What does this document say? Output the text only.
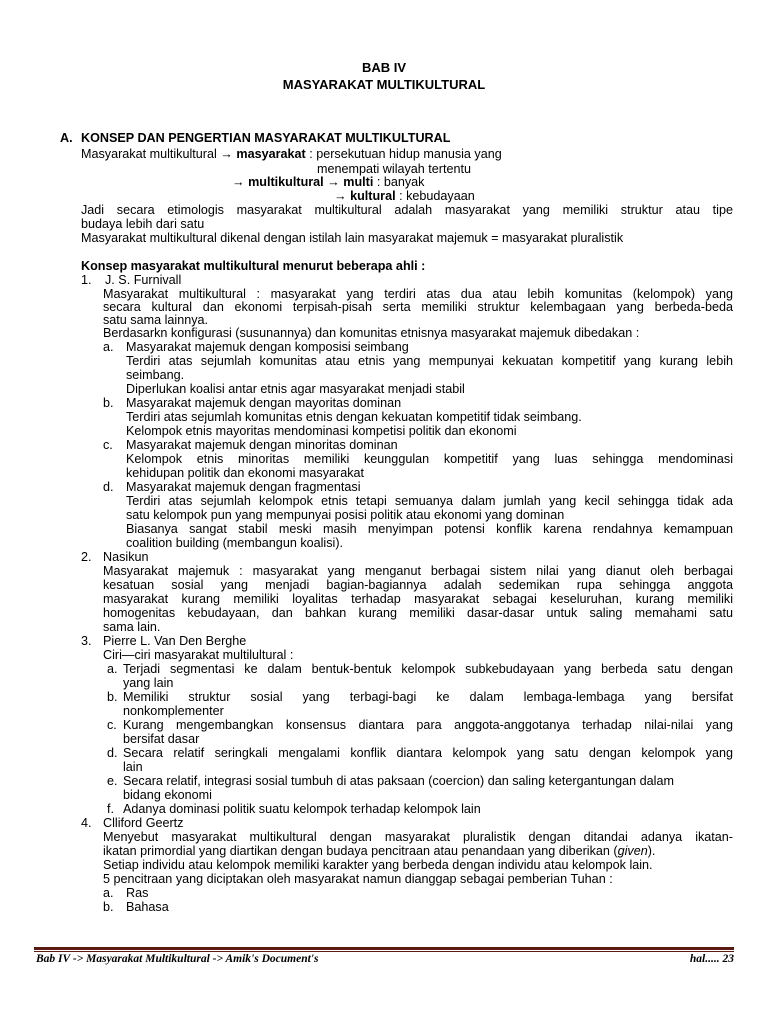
BAB IV
MASYARAKAT MULTIKULTURAL
A. KONSEP DAN PENGERTIAN MASYARAKAT MULTIKULTURAL
Masyarakat multikultural → masyarakat : persekutuan hidup manusia yang
menempati wilayah tertentu
→ multikultural → multi : banyak
→ kultural : kebudayaan
Jadi secara etimologis masyarakat multikultural adalah masyarakat yang memiliki struktur atau tipe
budaya lebih dari satu
Masyarakat multikultural dikenal dengan istilah lain masyarakat majemuk = masyarakat pluralistik
Konsep masyarakat multikultural menurut beberapa ahli :
1. J. S. Furnivall
Masyarakat multikultural : masyarakat yang terdiri atas dua atau lebih komunitas (kelompok) yang
secara kultural dan ekonomi terpisah-pisah serta memiliki struktur kelembagaan yang berbeda-beda
satu sama lainnya.
Berdasarkn konfigurasi (susunannya) dan komunitas etnisnya masyarakat majemuk dibedakan :
a. Masyarakat majemuk dengan komposisi seimbang
Terdiri atas sejumlah komunitas atau etnis yang mempunyai kekuatan kompetitif yang kurang lebih
seimbang.
Diperlukan koalisi antar etnis agar masyarakat menjadi stabil
b. Masyarakat majemuk dengan mayoritas dominan
Terdiri atas sejumlah komunitas etnis dengan kekuatan kompetitif tidak seimbang.
Kelompok etnis mayoritas mendominasi kompetisi politik dan ekonomi
c. Masyarakat majemuk dengan minoritas dominan
Kelompok etnis minoritas memiliki keunggulan kompetitif yang luas sehingga mendominasi
kehidupan politik dan ekonomi masyarakat
d. Masyarakat majemuk dengan fragmentasi
Terdiri atas sejumlah kelompok etnis tetapi semuanya dalam jumlah yang kecil sehingga tidak ada
satu kelompok pun yang mempunyai posisi politik atau ekonomi yang dominan
Biasanya sangat stabil meski masih menyimpan potensi konflik karena rendahnya kemampuan
coalition building (membangun koalisi).
2. Nasikun
Masyarakat majemuk : masyarakat yang menganut berbagai sistem nilai yang dianut oleh berbagai
kesatuan sosial yang menjadi bagian-bagiannya adalah sedemikan rupa sehingga anggota
masyarakat kurang memiliki loyalitas terhadap masyarakat sebagai keseluruhan, kurang memiliki
homogenitas kebudayaan, dan bahkan kurang memiliki dasar-dasar untuk saling memahami satu
sama lain.
3. Pierre L. Van Den Berghe
Ciri—ciri masyarakat multilultural :
a. Terjadi segmentasi ke dalam bentuk-bentuk kelompok subkebudayaan yang berbeda satu dengan
yang lain
b. Memiliki struktur sosial yang terbagi-bagi ke dalam lembaga-lembaga yang bersifat
nonkomplementer
c. Kurang mengembangkan konsensus diantara para anggota-anggotanya terhadap nilai-nilai yang
bersifat dasar
d. Secara relatif seringkali mengalami konflik diantara kelompok yang satu dengan kelompok yang
lain
e. Secara relatif, integrasi sosial tumbuh di atas paksaan (coercion) dan saling ketergantungan dalam
bidang ekonomi
f. Adanya dominasi politik suatu kelompok terhadap kelompok lain
4. Clliford Geertz
Menyebut masyarakat multikultural dengan masyarakat pluralistik dengan ditandai adanya ikatan-
ikatan primordial yang diartikan dengan budaya pencitraan atau penandaan yang diberikan (given).
Setiap individu atau kelompok memiliki karakter yang berbeda dengan individu atau kelompok lain.
5 pencitraan yang diciptakan oleh masyarakat namun dianggap sebagai pemberian Tuhan :
a. Ras
b. Bahasa
Bab IV -> Masyarakat Multikultural -> Amik's Document's	hal..... 23
